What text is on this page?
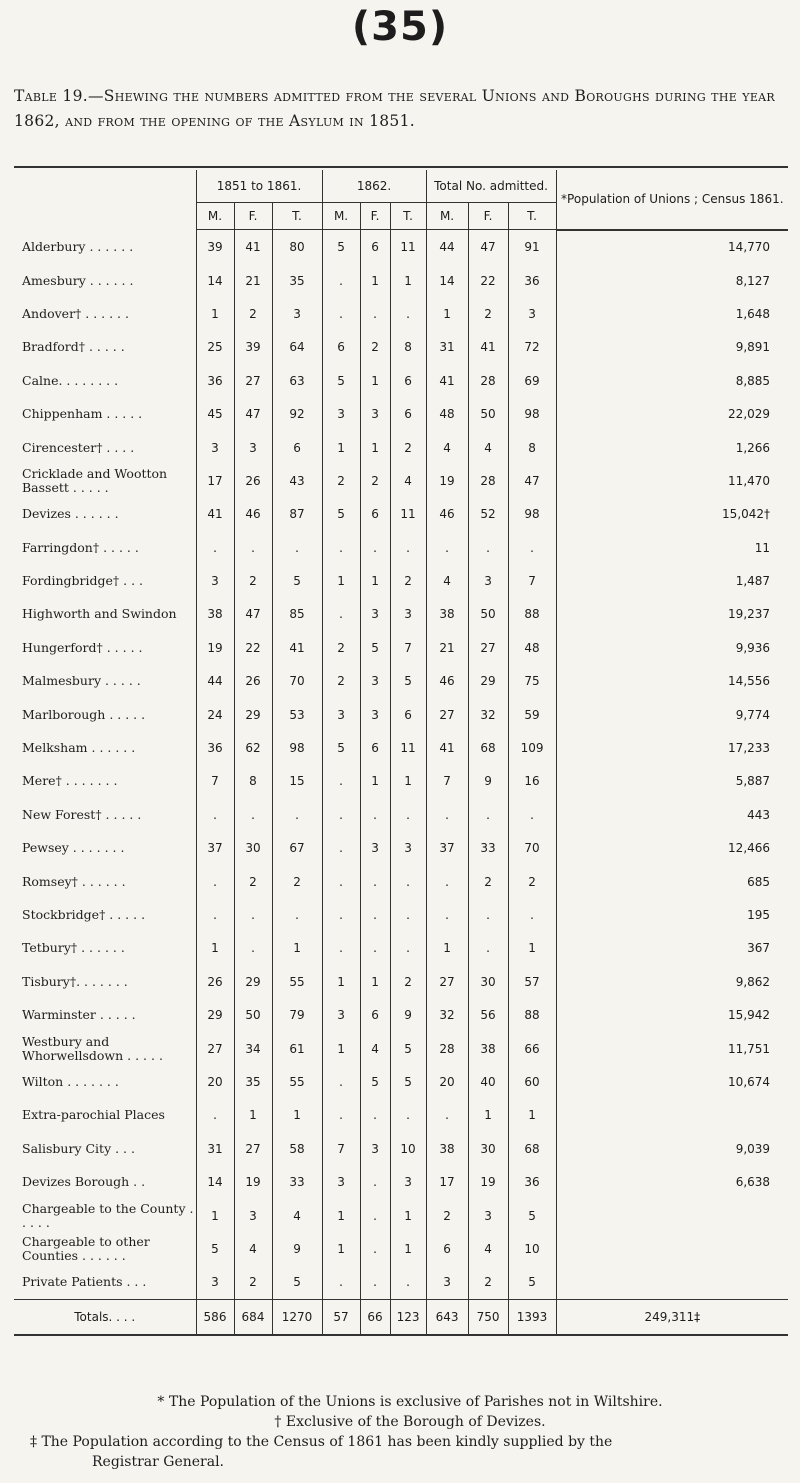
(35)
Table 19.—Shewing the numbers admitted from the several Unions and Boroughs during the year 1862, and from the opening of the Asylum in 1851.
	1851 to 1861.			1862.			Total No. admitted.			*Population of Unions ; Census 1861.
	M.	F.	T.	M.	F.	T.	M.	F.	T.	
Alderbury . . . . . .	39	41	80	5	6	11	44	47	91	14,770
Amesbury . . . . . .	14	21	35	.	1	1	14	22	36	8,127
Andover† . . . . . .	1	2	3	.	.	.	1	2	3	1,648
Bradford† . . . . .	25	39	64	6	2	8	31	41	72	9,891
Calne. . . . . . . .	36	27	63	5	1	6	41	28	69	8,885
Chippenham . . . . .	45	47	92	3	3	6	48	50	98	22,029
Cirencester† . . . .	3	3	6	1	1	2	4	4	8	1,266
Cricklade and Wootton Bassett . . . . .	17	26	43	2	2	4	19	28	47	11,470
Devizes . . . . . .	41	46	87	5	6	11	46	52	98	15,042†
Farringdon† . . . . .	.	.	.	.	.	.	.	.	.	11
Fordingbridge† . . .	3	2	5	1	1	2	4	3	7	1,487
Highworth and Swindon	38	47	85	.	3	3	38	50	88	19,237
Hungerford† . . . . .	19	22	41	2	5	7	21	27	48	9,936
Malmesbury . . . . .	44	26	70	2	3	5	46	29	75	14,556
Marlborough . . . . .	24	29	53	3	3	6	27	32	59	9,774
Melksham . . . . . .	36	62	98	5	6	11	41	68	109	17,233
Mere† . . . . . . .	7	8	15	.	1	1	7	9	16	5,887
New Forest† . . . . .	.	.	.	.	.	.	.	.	.	443
Pewsey . . . . . . .	37	30	67	.	3	3	37	33	70	12,466
Romsey† . . . . . .	.	2	2	.	.	.	.	2	2	685
Stockbridge† . . . . .	.	.	.	.	.	.	.	.	.	195
Tetbury† . . . . . .	1	.	1	.	.	.	1	.	1	367
Tisbury†. . . . . . .	26	29	55	1	1	2	27	30	57	9,862
Warminster . . . . .	29	50	79	3	6	9	32	56	88	15,942
Westbury and Whorwellsdown . . . . .	27	34	61	1	4	5	28	38	66	11,751
Wilton . . . . . . .	20	35	55	.	5	5	20	40	60	10,674
Extra-parochial Places	.	1	1	.	.	.	.	1	1	
Salisbury City . . .	31	27	58	7	3	10	38	30	68	9,039
Devizes Borough . .	14	19	33	3	.	3	17	19	36	6,638
Chargeable to the County . . . . .	1	3	4	1	.	1	2	3	5	
Chargeable to other Counties . . . . . .	5	4	9	1	.	1	6	4	10	
Private Patients . . .	3	2	5	.	.	.	3	2	5	
Totals. . . .	586	684	1270	57	66	123	643	750	1393	249,311‡

* The Population of the Unions is exclusive of Parishes not in Wiltshire.

† Exclusive of the Borough of Devizes.

‡ The Population according to the Census of 1861 has been kindly supplied by the

Registrar General.
